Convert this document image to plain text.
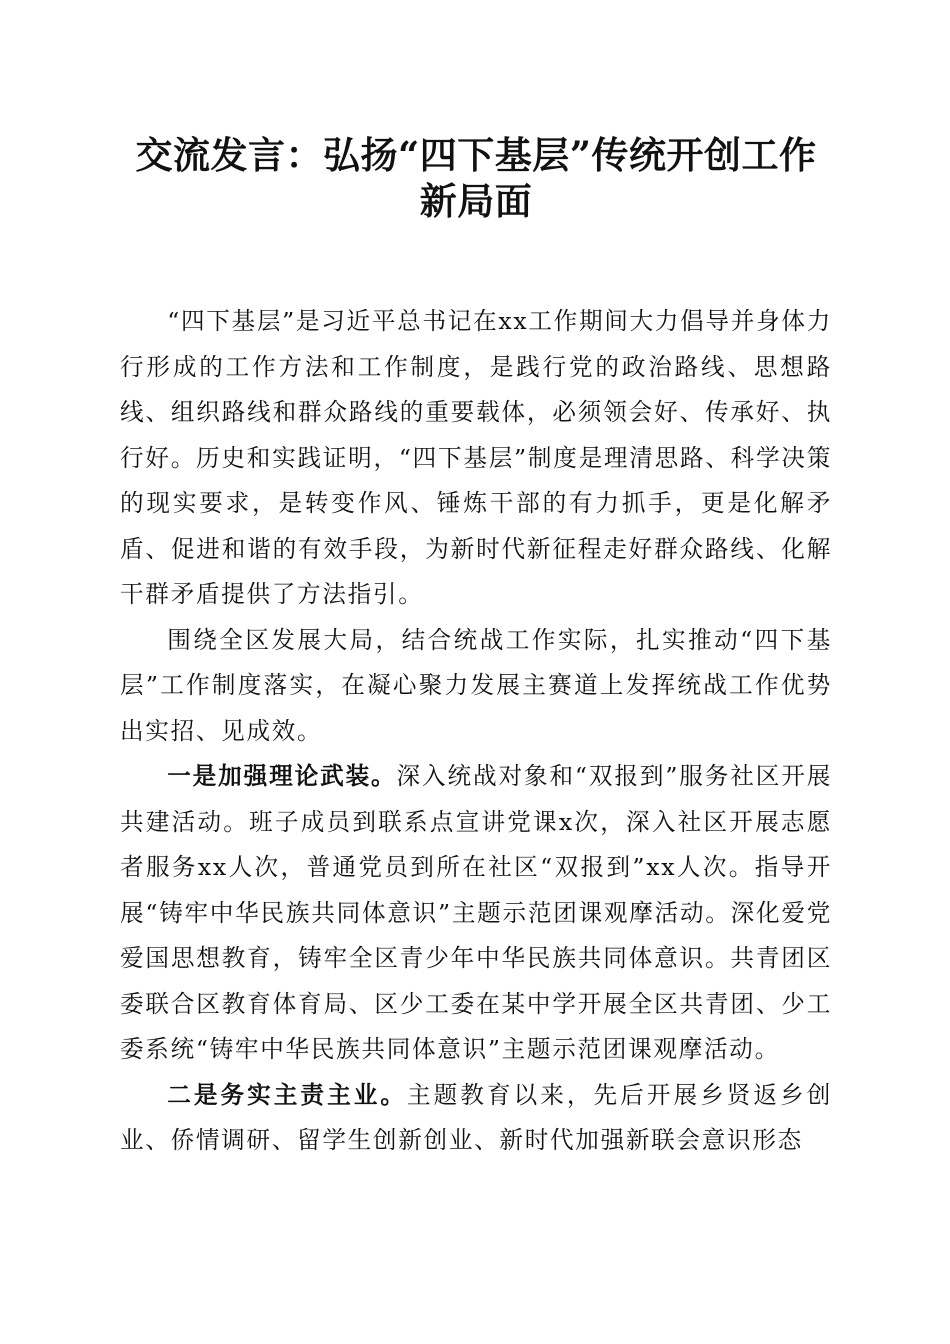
交流发言：弘扬“四下基层”传统开创工作新局面

“四下基层”是习近平总书记在xx工作期间大力倡导并身体力行形成的工作方法和工作制度，是践行党的政治路线、思想路线、组织路线和群众路线的重要载体，必须领会好、传承好、执行好。历史和实践证明，“四下基层”制度是理清思路、科学决策的现实要求，是转变作风、锤炼干部的有力抓手，更是化解矛盾、促进和谐的有效手段，为新时代新征程走好群众路线、化解干群矛盾提供了方法指引。

围绕全区发展大局，结合统战工作实际，扎实推动“四下基层”工作制度落实，在凝心聚力发展主赛道上发挥统战工作优势出实招、见成效。

一是加强理论武装。深入统战对象和“双报到”服务社区开展共建活动。班子成员到联系点宣讲党课x次，深入社区开展志愿者服务xx人次，普通党员到所在社区“双报到”xx人次。指导开展“铸牢中华民族共同体意识”主题示范团课观摩活动。深化爱党爱国思想教育，铸牢全区青少年中华民族共同体意识。共青团区委联合区教育体育局、区少工委在某中学开展全区共青团、少工委系统“铸牢中华民族共同体意识”主题示范团课观摩活动。

二是务实主责主业。主题教育以来，先后开展乡贤返乡创业、侨情调研、留学生创新创业、新时代加强新联会意识形态
